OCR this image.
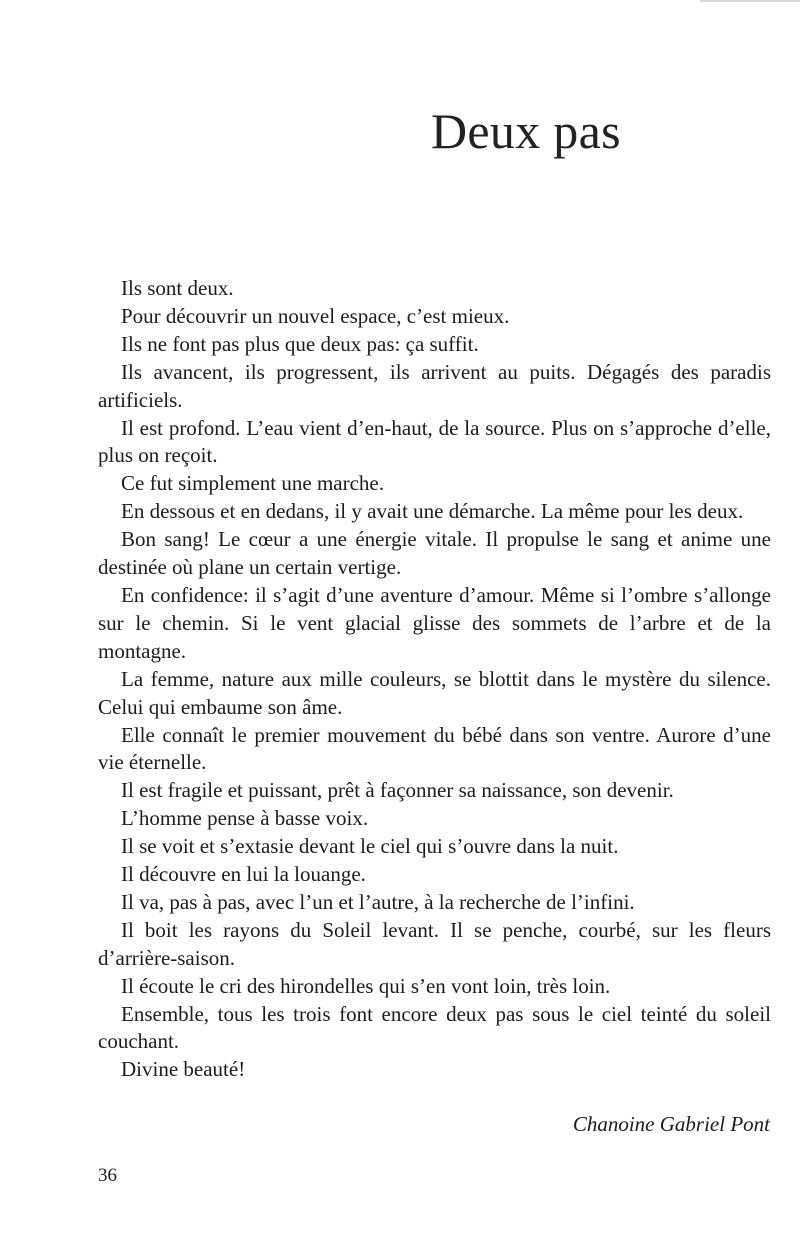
Deux pas

Ils sont deux.

Pour découvrir un nouvel espace, c’est mieux.

Ils ne font pas plus que deux pas: ça suffit.

Ils avancent, ils progressent, ils arrivent au puits. Dégagés des paradis artificiels.

Il est profond. L’eau vient d’en-haut, de la source. Plus on s’approche d’elle, plus on reçoit.

Ce fut simplement une marche.

En dessous et en dedans, il y avait une démarche. La même pour les deux.

Bon sang! Le cœur a une énergie vitale. Il propulse le sang et anime une destinée où plane un certain vertige.

En confidence: il s’agit d’une aventure d’amour. Même si l’ombre s’allonge sur le chemin. Si le vent glacial glisse des sommets de l’arbre et de la montagne.

La femme, nature aux mille couleurs, se blottit dans le mystère du silence. Celui qui embaume son âme.

Elle connaît le premier mouvement du bébé dans son ventre. Aurore d’une vie éternelle.

Il est fragile et puissant, prêt à façonner sa naissance, son devenir.

L’homme pense à basse voix.

Il se voit et s’extasie devant le ciel qui s’ouvre dans la nuit.

Il découvre en lui la louange.

Il va, pas à pas, avec l’un et l’autre, à la recherche de l’infini.

Il boit les rayons du Soleil levant. Il se penche, courbé, sur les fleurs d’arrière-saison.

Il écoute le cri des hirondelles qui s’en vont loin, très loin.

Ensemble, tous les trois font encore deux pas sous le ciel teinté du soleil couchant.

Divine beauté!

Chanoine Gabriel Pont

36
